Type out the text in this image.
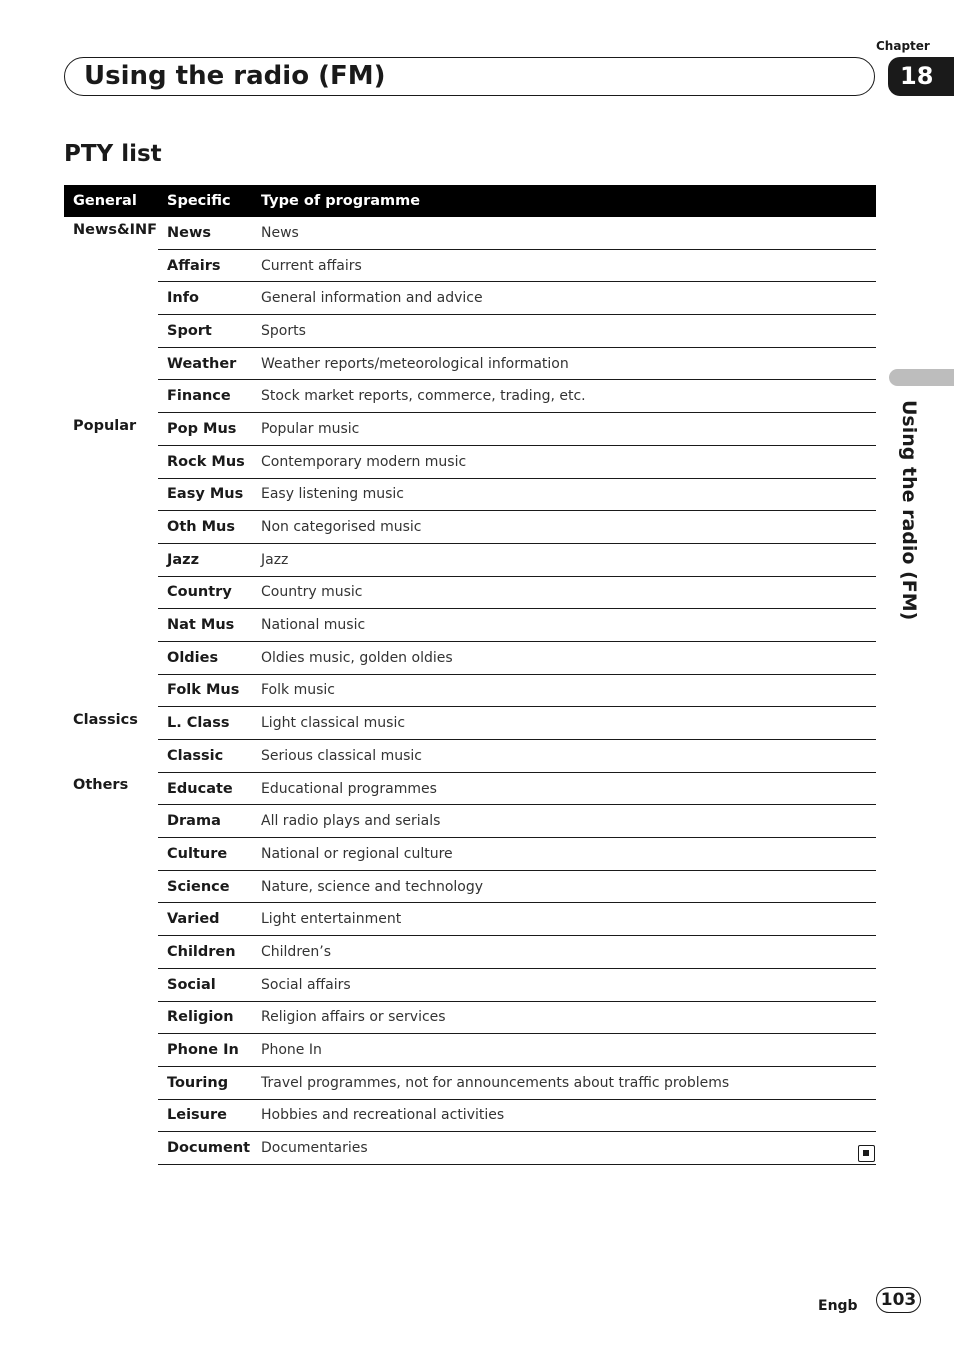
Chapter
18
Using the radio (FM)
PTY list
General	Specific	Type of programme
News&INF	News	News
	Affairs	Current affairs
	Info	General information and advice
	Sport	Sports
	Weather	Weather reports/meteorological information
	Finance	Stock market reports, commerce, trading, etc.
Popular	Pop Mus	Popular music
	Rock Mus	Contemporary modern music
	Easy Mus	Easy listening music
	Oth Mus	Non categorised music
	Jazz	Jazz
	Country	Country music
	Nat Mus	National music
	Oldies	Oldies music, golden oldies
	Folk Mus	Folk music
Classics	L. Class	Light classical music
	Classic	Serious classical music
Others	Educate	Educational programmes
	Drama	All radio plays and serials
	Culture	National or regional culture
	Science	Nature, science and technology
	Varied	Light entertainment
	Children	Children’s
	Social	Social affairs
	Religion	Religion affairs or services
	Phone In	Phone In
	Touring	Travel programmes, not for announcements about traffic problems
	Leisure	Hobbies and recreational activities
	Document	Documentaries
Using the radio (FM)
Engb 103
